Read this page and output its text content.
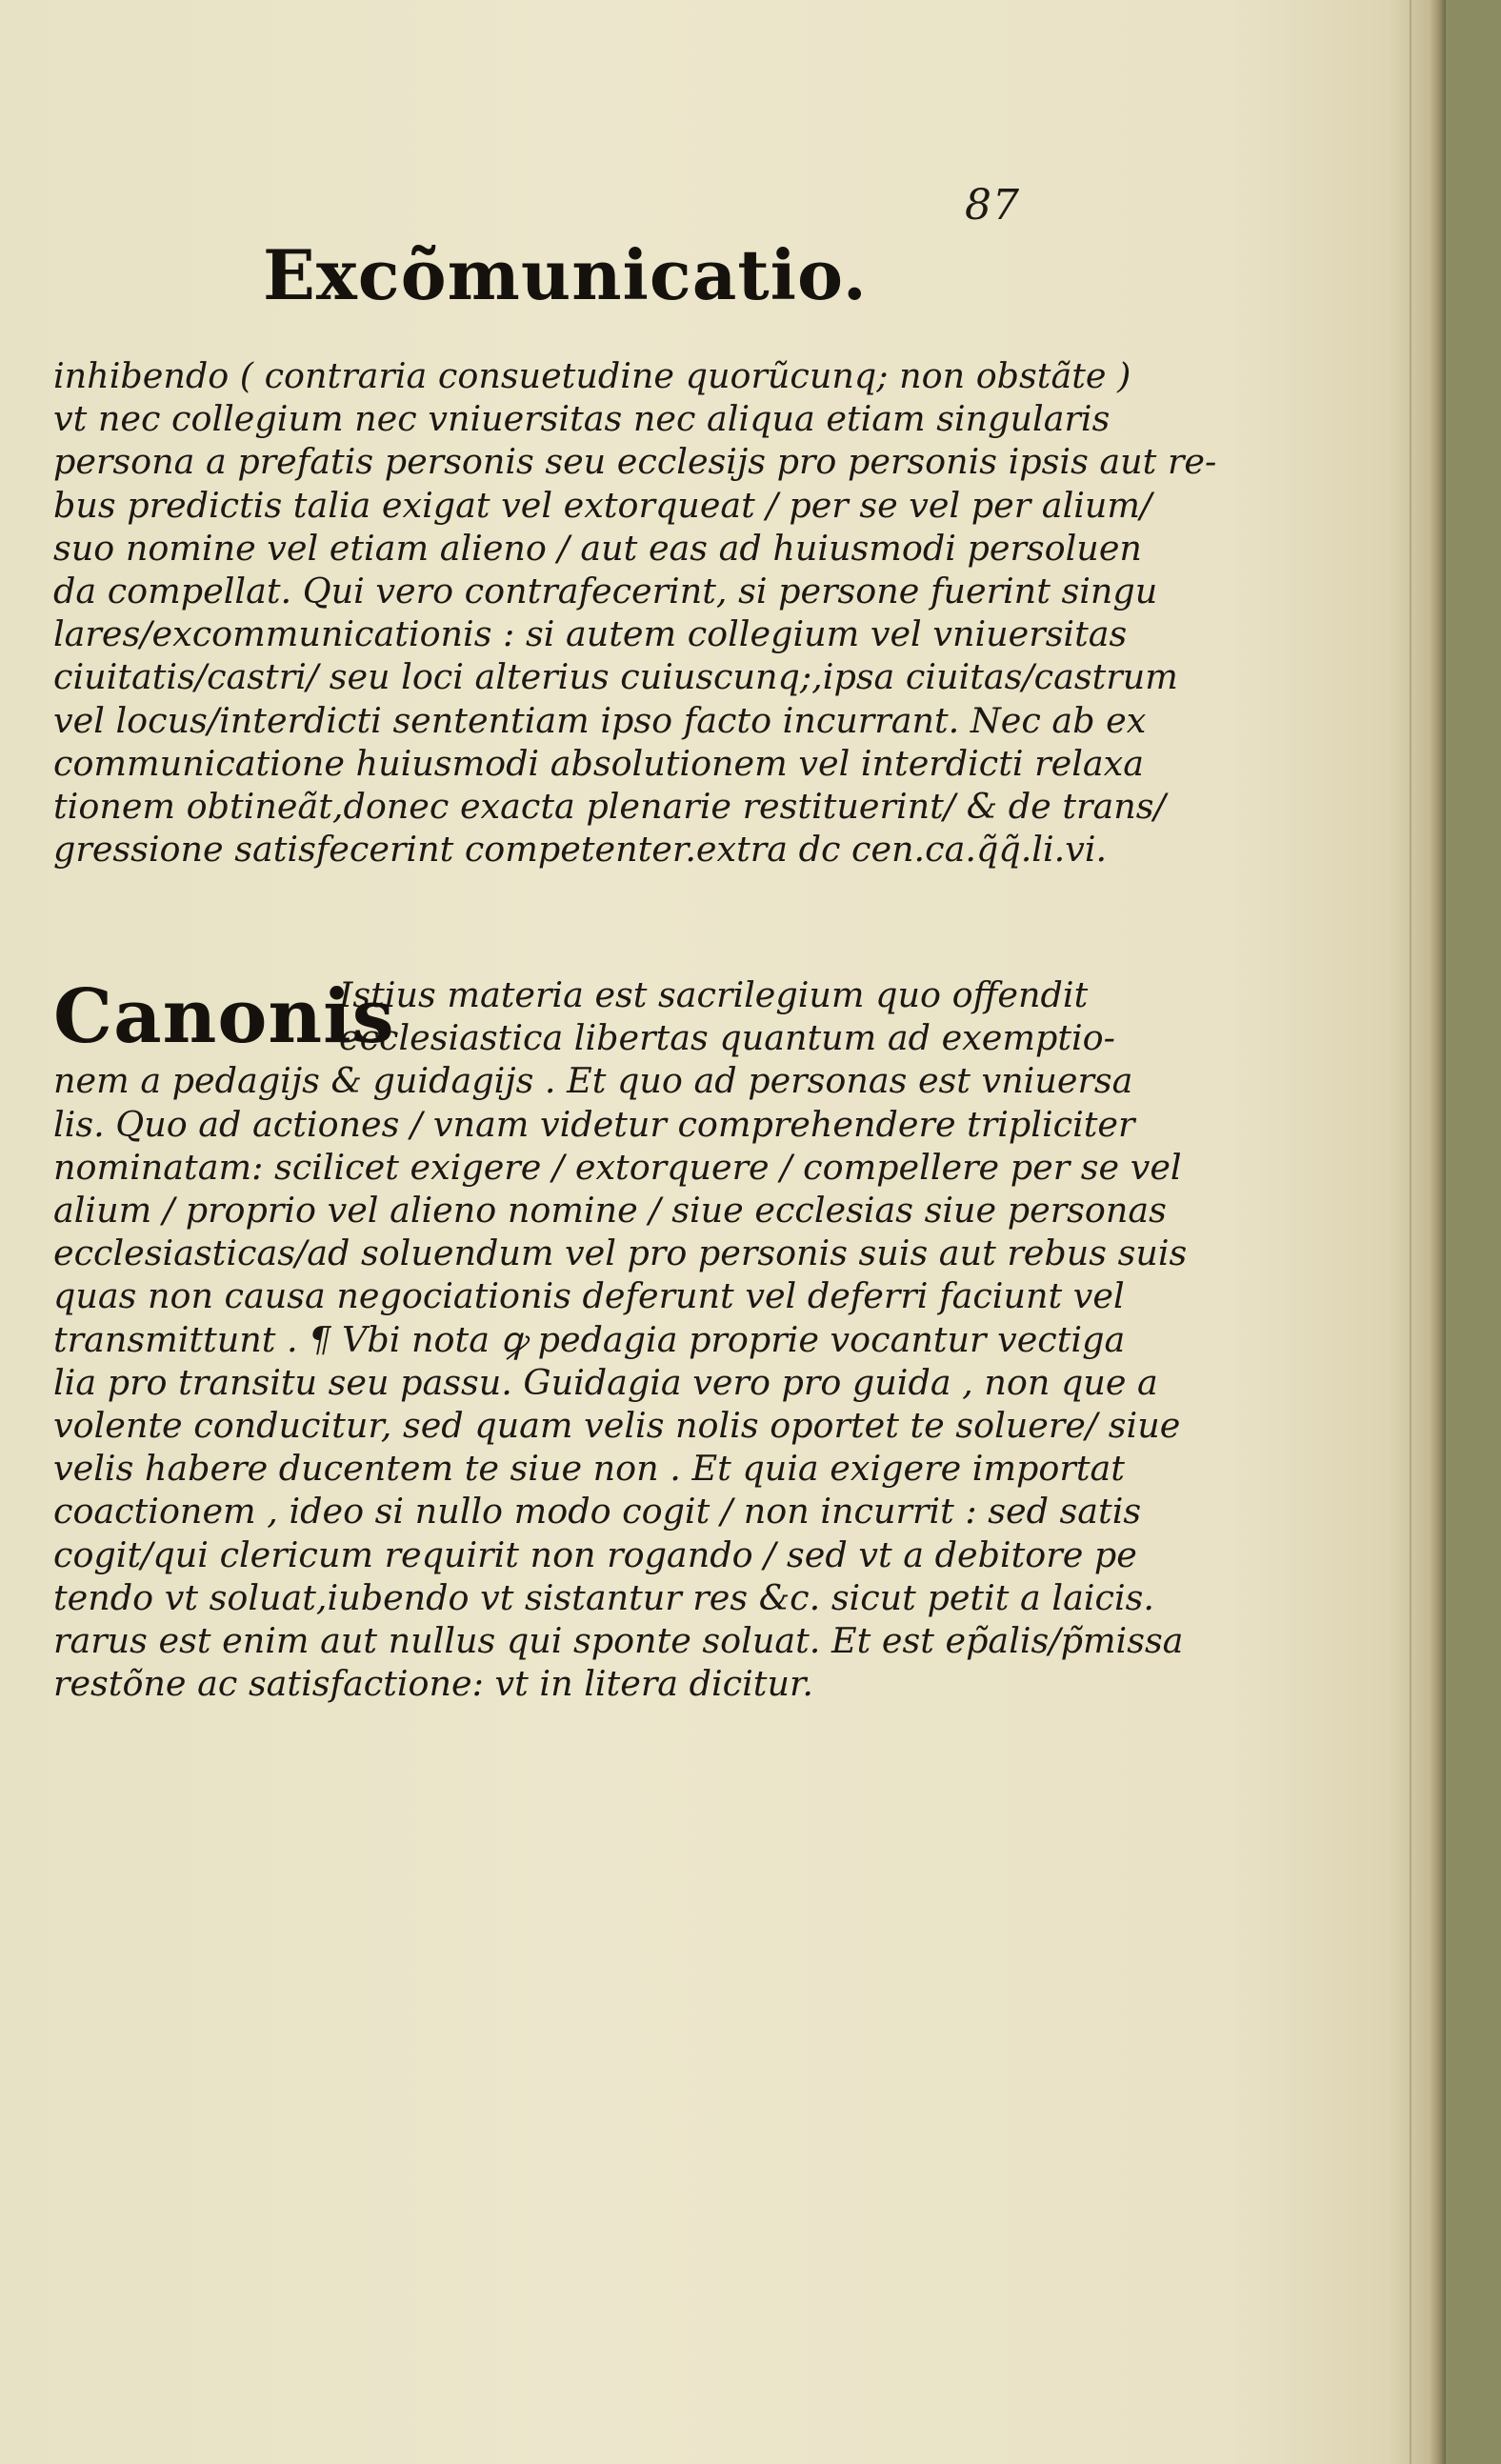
87
Excõmunicatio.
inhibendo ( contraria consuetudine quorũcunq; non obstãte )
vt nec collegium nec vniuersitas nec aliqua etiam singularis
persona a prefatis personis seu ecclesijs pro personis ipsis aut re-
bus predictis talia exigat vel extorqueat / per se vel per alium/
suo nomine vel etiam alieno / aut eas ad huiusmodi persoluen
da compellat. Qui vero contrafecerint, si persone fuerint singu
lares/excommunicationis : si autem collegium vel vniuersitas
ciuitatis/castri/ seu loci alterius cuiuscunq;,ipsa ciuitas/castrum
vel locus/interdicti sententiam ipso facto incurrant. Nec ab ex
communicatione huiusmodi absolutionem vel interdicti relaxa
tionem obtineãt,donec exacta plenarie restituerint/ & de trans/
gressione satisfecerint competenter.extra dc cen.ca.q̃q̃.li.vi.
Canonis
Istius materia est sacrilegium quo offendit
ecclesiastica libertas quantum ad exemptio-
nem a pedagijs & guidagijs . Et quo ad personas est vniuersa
lis. Quo ad actiones / vnam videtur comprehendere tripliciter
nominatam: scilicet exigere / extorquere / compellere per se vel
alium / proprio vel alieno nomine / siue ecclesias siue personas
ecclesiasticas/ad soluendum vel pro personis suis aut rebus suis
quas non causa negociationis deferunt vel deferri faciunt vel
transmittunt . ¶ Vbi nota ꝙ pedagia proprie vocantur vectiga
lia pro transitu seu passu. Guidagia vero pro guida , non que a
volente conducitur, sed quam velis nolis oportet te soluere/ siue
velis habere ducentem te siue non . Et quia exigere importat
coactionem , ideo si nullo modo cogit / non incurrit : sed satis
cogit/qui clericum requirit non rogando / sed vt a debitore pe
tendo vt soluat,iubendo vt sistantur res &c. sicut petit a laicis.
rarus est enim aut nullus qui sponte soluat. Et est ep̃alis/p̃missa
restõne ac satisfactione: vt in litera dicitur.
